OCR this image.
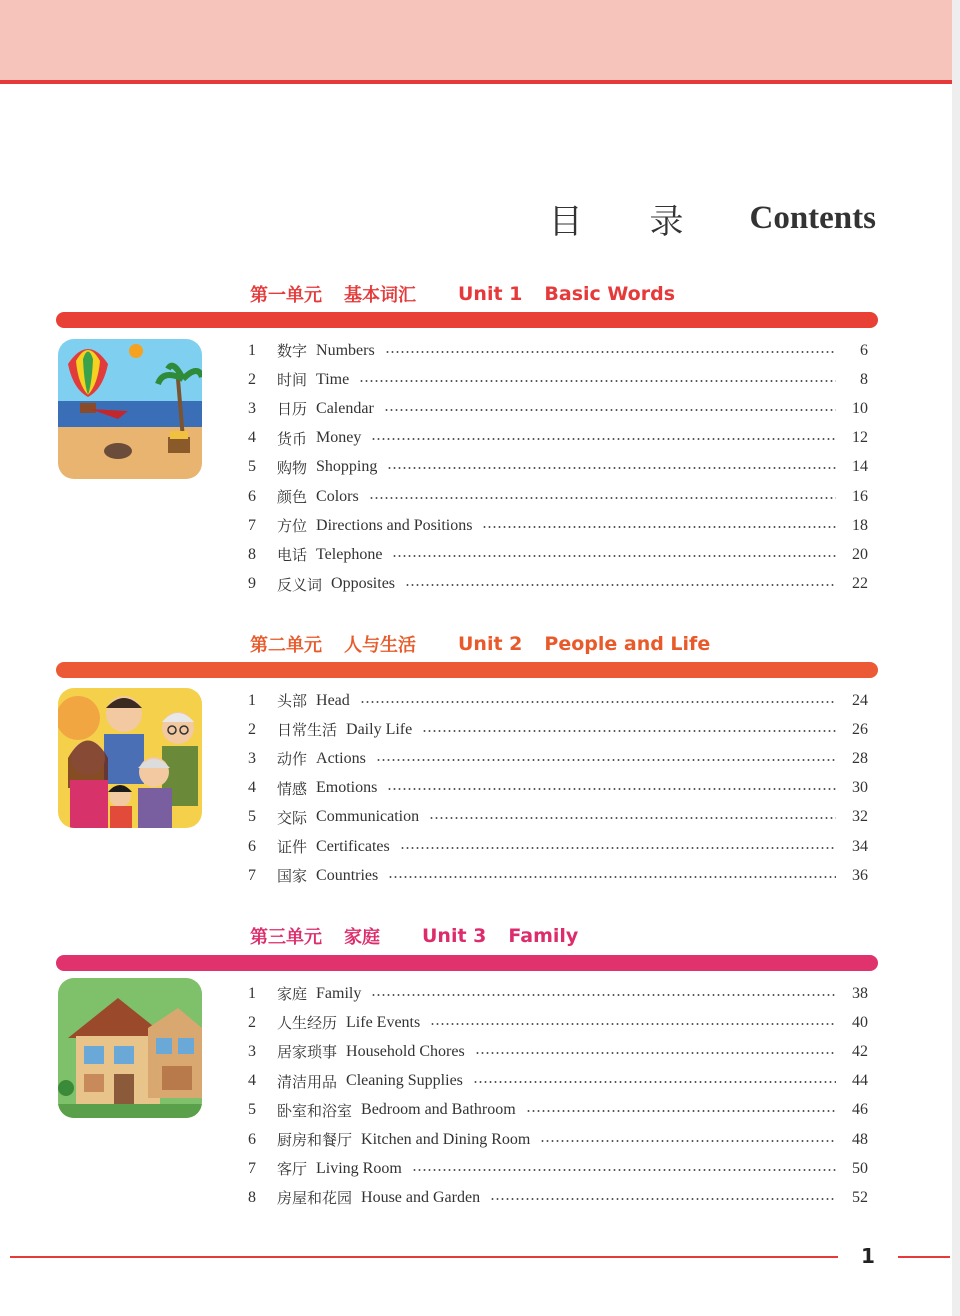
目 录 Contents
第一单元 基本词汇 Unit 1 Basic Words
1	数字 Numbers	6
2	时间 Time	8
3	日历 Calendar	10
4	货币 Money	12
5	购物 Shopping	14
6	颜色 Colors	16
7	方位 Directions and Positions	18
8	电话 Telephone	20
9	反义词 Opposites	22
第二单元 人与生活 Unit 2 People and Life
1	头部 Head	24
2	日常生活 Daily Life	26
3	动作 Actions	28
4	情感 Emotions	30
5	交际 Communication	32
6	证件 Certificates	34
7	国家 Countries	36
第三单元 家庭 Unit 3 Family
1	家庭 Family	38
2	人生经历 Life Events	40
3	居家琐事 Household Chores	42
4	清洁用品 Cleaning Supplies	44
5	卧室和浴室 Bedroom and Bathroom	46
6	厨房和餐厅 Kitchen and Dining Room	48
7	客厅 Living Room	50
8	房屋和花园 House and Garden	52
1
